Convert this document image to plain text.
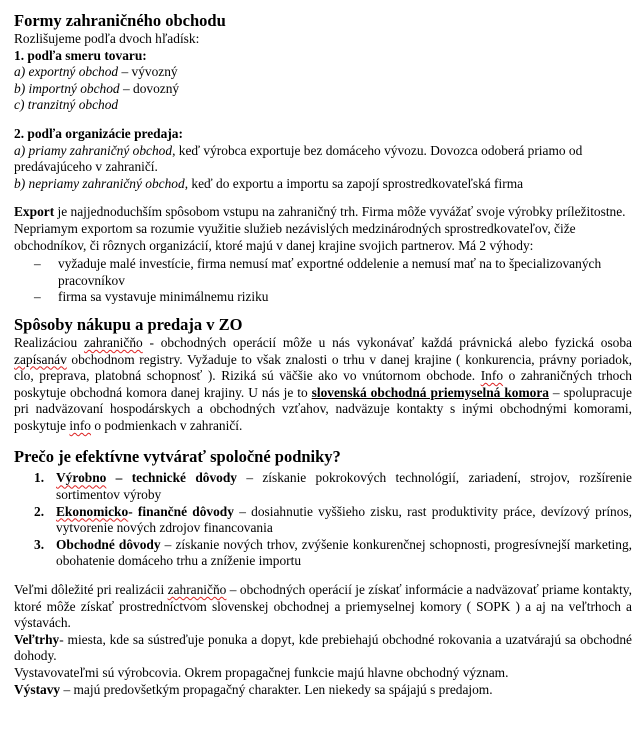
Formy zahraničného obchodu

Rozlišujeme podľa dvoch hľadísk:

1. podľa smeru tovaru:

a) exportný obchod – vývozný

b) importný obchod – dovozný

c) tranzitný obchod

2. podľa organizácie predaja:

a) priamy zahraničný obchod, keď výrobca exportuje bez domáceho vývozu. Dovozca odoberá priamo od predávajúceho v zahraničí.

b) nepriamy zahraničný obchod, keď do exportu a importu sa zapojí sprostredkovateľská firma

Export je najjednoduchším spôsobom vstupu na zahraničný trh. Firma môže vyvážať svoje výrobky príležitostne. Nepriamym exportom sa rozumie využitie služieb nezávislých medzinárodných sprostredkovateľov, čiže obchodníkov, či rôznych organizácií, ktoré majú v danej krajine svojich partnerov. Má 2 výhody:

– vyžaduje malé investície, firma nemusí mať exportné oddelenie a nemusí mať na to špecializovaných pracovníkov
– firma sa vystavuje minimálnemu riziku
Spôsoby nákupu a predaja v ZO

Realizáciou zahraničňo - obchodných operácií môže u nás vykonávať každá právnická alebo fyzická osoba zapísanáv obchodnom registry. Vyžaduje to však znalosti o trhu v danej krajine ( konkurencia, právny poriadok, clo, preprava, platobná schopnosť ). Riziká sú väčšie ako vo vnútornom obchode. Info o zahraničných trhoch poskytuje obchodná komora danej krajiny. U nás je to slovenská obchodná priemyselná komora – spolupracuje pri nadväzovaní hospodárskych a obchodných vzťahov, nadväzuje kontakty s inými obchodnými komorami, poskytuje info o podmienkach v zahraničí.

Prečo je efektívne vytvárať spoločné podniky?
1. Výrobno – technické dôvody – získanie pokrokových technológií, zariadení, strojov, rozšírenie sortimentov výroby
2. Ekonomicko- finančné dôvody – dosiahnutie vyššieho zisku, rast produktivity práce, devízový prínos, vytvorenie nových zdrojov financovania
3. Obchodné dôvody – získanie nových trhov, zvýšenie konkurenčnej schopnosti, progresívnejší marketing, obohatenie domáceho trhu a zníženie importu

Veľmi dôležité pri realizácii zahraničňo – obchodných operácií je získať informácie a nadväzovať priame kontakty, ktoré môže získať prostredníctvom slovenskej obchodnej a priemyselnej komory ( SOPK ) a aj na veľtrhoch a výstavách.

Veľtrhy- miesta, kde sa sústreďuje ponuka a dopyt, kde prebiehajú obchodné rokovania a uzatvárajú sa obchodné dohody.

Vystavovateľmi sú výrobcovia. Okrem propagačnej funkcie majú hlavne obchodný význam.

Výstavy – majú predovšetkým propagačný charakter. Len niekedy sa spájajú s predajom.
